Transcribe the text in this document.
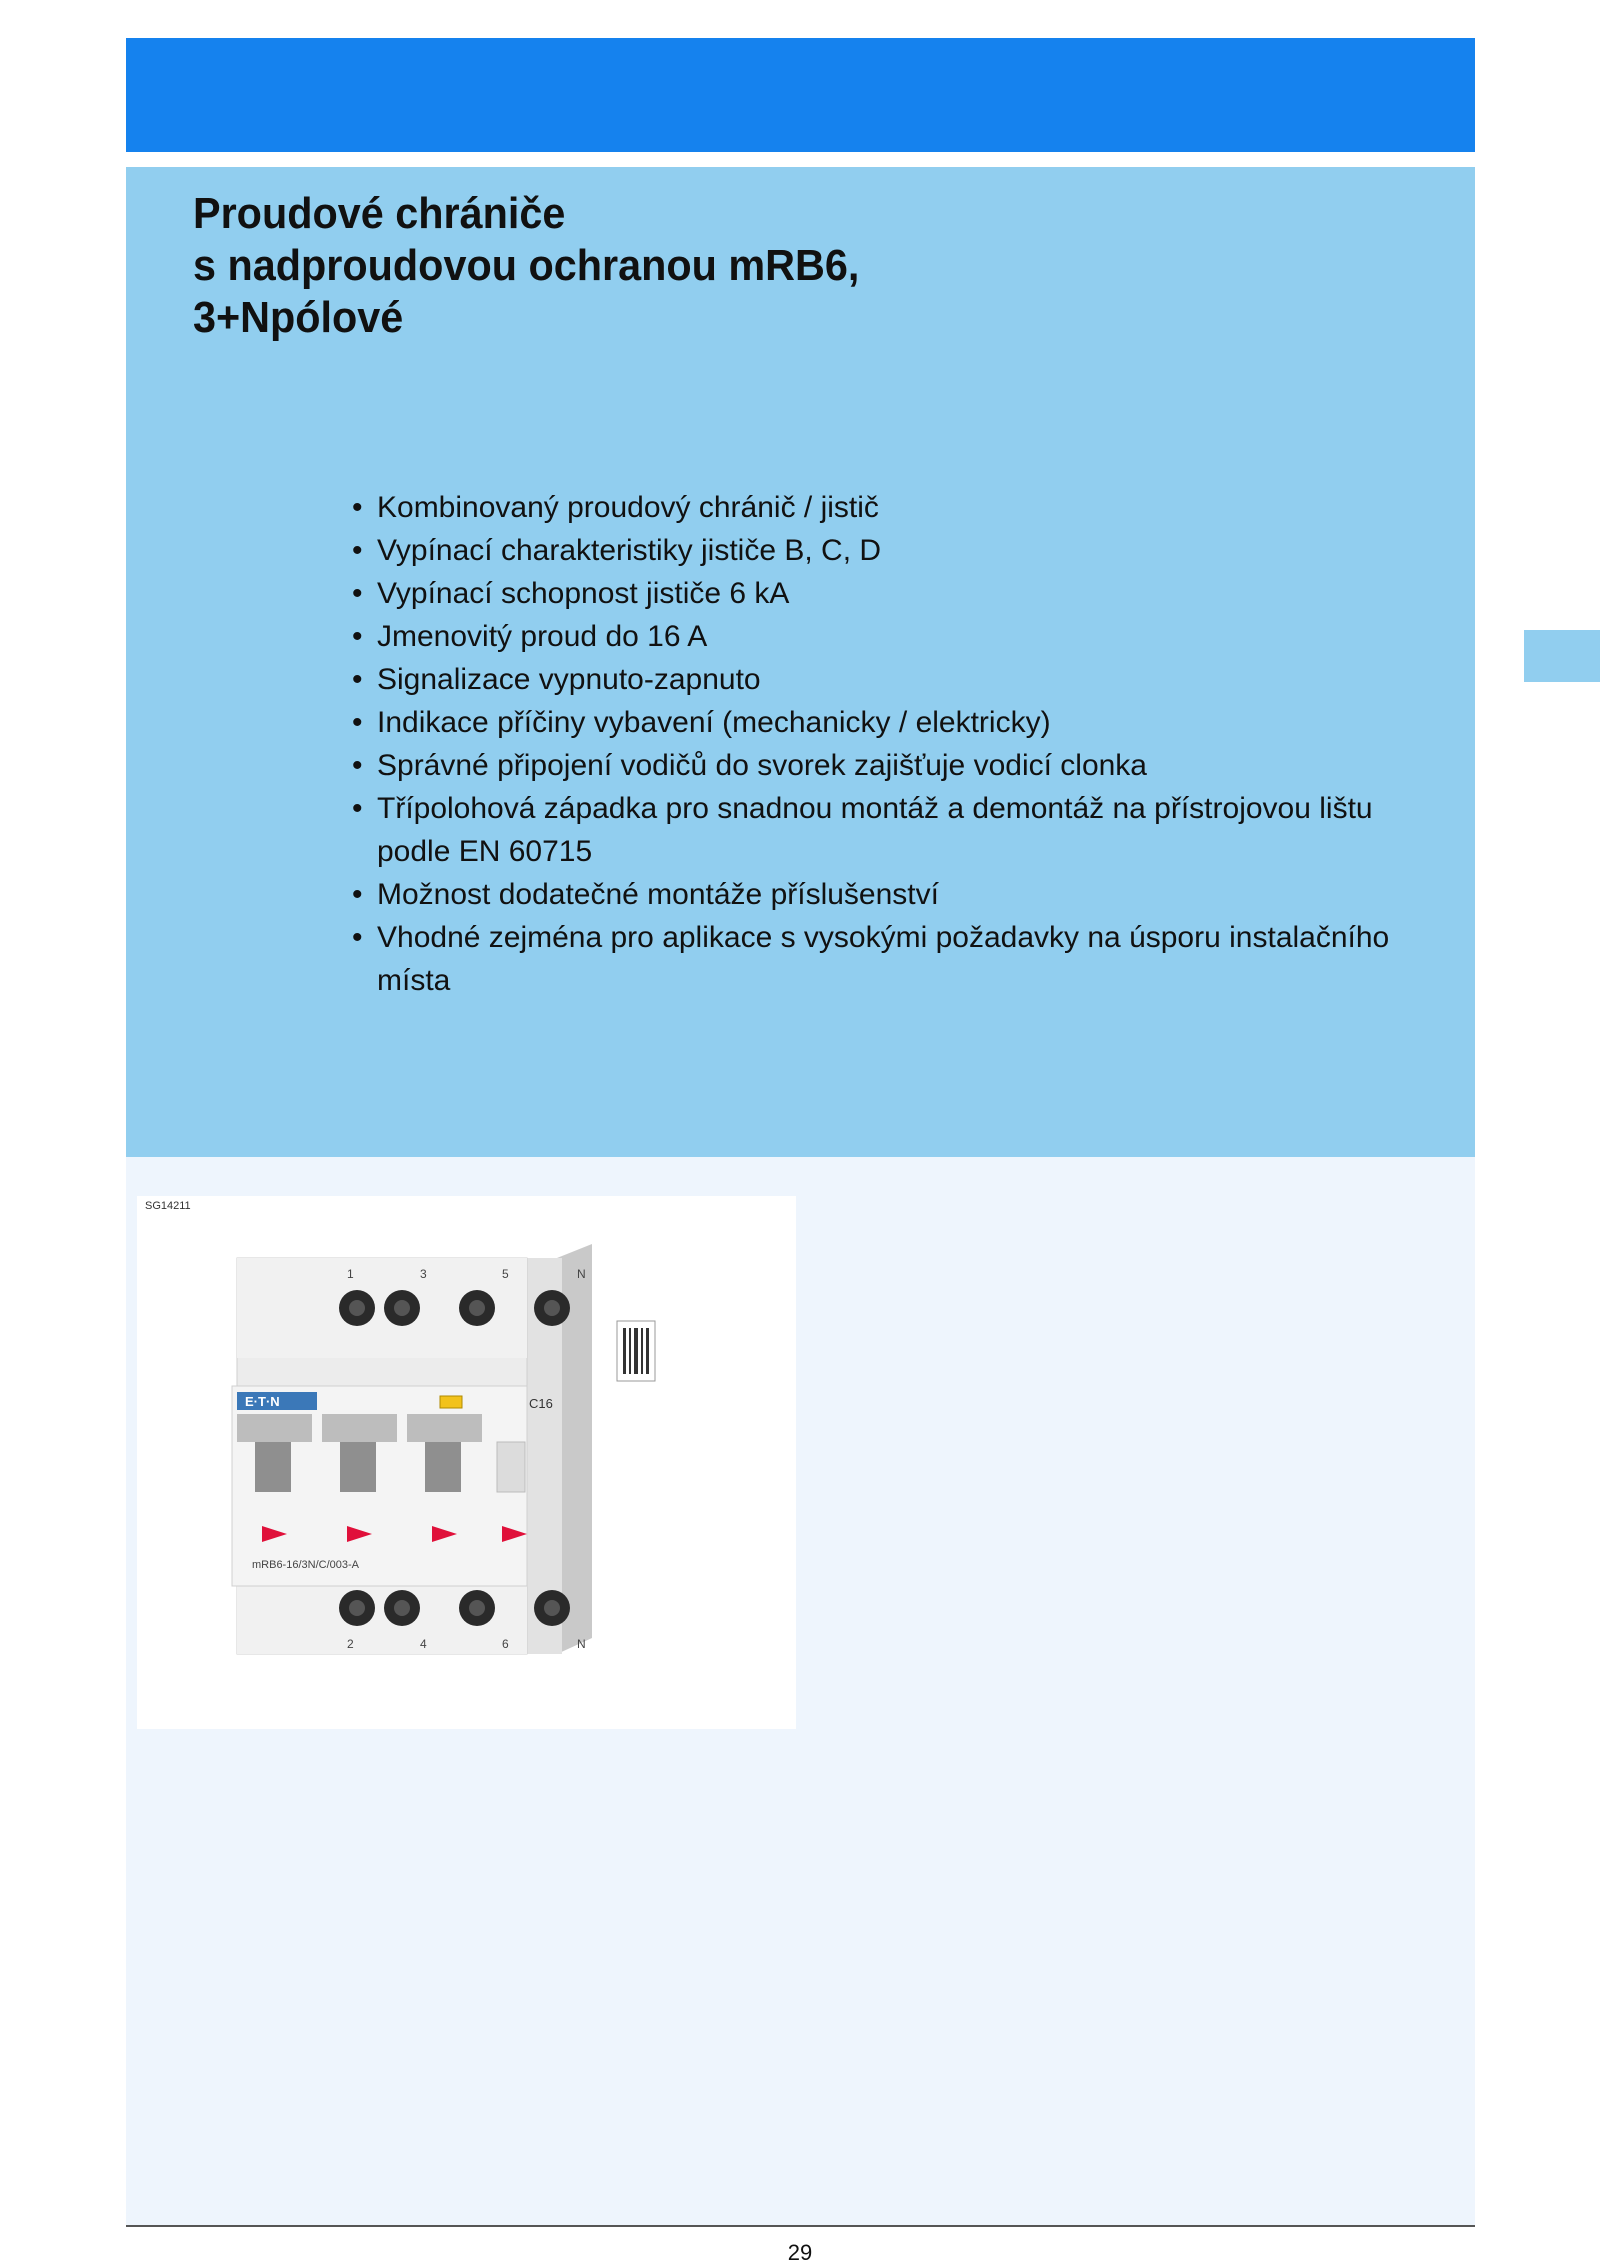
Proudové chrániče
s nadproudovou ochranou mRB6,
3+Npólové
• Kombinovaný proudový chránič / jistič
• Vypínací charakteristiky jističe B, C, D
• Vypínací schopnost jističe 6 kA
• Jmenovitý proud do 16 A
• Signalizace vypnuto-zapnuto
• Indikace příčiny vybavení (mechanicky / elektricky)
• Správné připojení vodičů do svorek zajišťuje vodicí clonka
• Třípolohová západka pro snadnou montáž a demontáž na přístrojovou lištu podle EN 60715
• Možnost dodatečné montáže příslušenství
• Vhodné zejména pro aplikace s vysokými požadavky na úsporu instalačního místa
SG14211
1	3	5	N
E·T·N	C16
mRB6-16/3N/C/003-A
2	4	6	N
29
